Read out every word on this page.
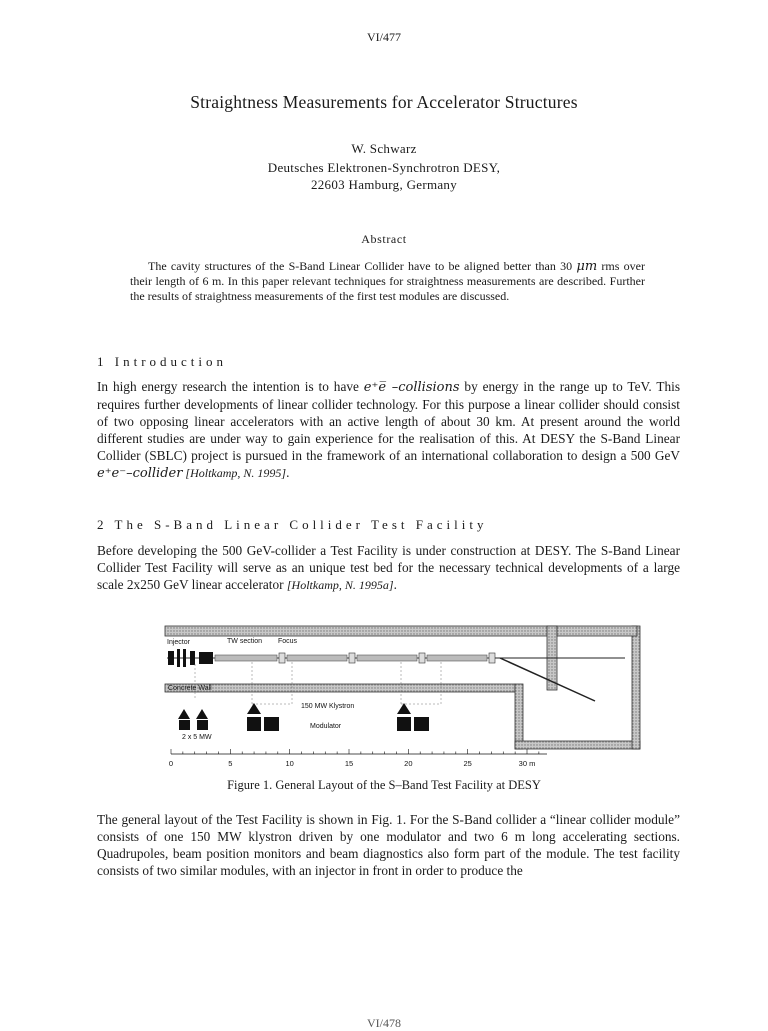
VI/477
Straightness Measurements for Accelerator Structures
W. Schwarz
Deutsches Elektronen-Synchrotron DESY,
22603 Hamburg, Germany
Abstract
The cavity structures of the S-Band Linear Collider have to be aligned better than 30 μm rms over their length of 6 m. In this paper relevant techniques for straightness measurements are described. Further the results of straightness measurements of the first test modules are discussed.
1 Introduction
In high energy research the intention is to have e⁺e̅ –collisions by energy in the range up to TeV. This requires further developments of linear collider technology. For this purpose a linear collider should consist of two opposing linear accelerators with an active length of about 30 km. At present around the world different studies are under way to gain experience for the realisation of this. At DESY the S-Band Linear Collider (SBLC) project is pursued in the framework of an international collaboration to design a 500 GeV e⁺e⁻–collider [Holtkamp, N. 1995].
2 The S-Band Linear Collider Test Facility
Before developing the 500 GeV-collider a Test Facility is under construction at DESY. The S-Band Linear Collider Test Facility will serve as an unique test bed for the necessary technical developments of a large scale 2x250 GeV linear accelerator [Holtkamp, N. 1995a].
Injector	TW section Focus
Concrete Wall
150 MW Klystron
Modulator
2 x 5 MW
0	5	10	15	20	25	30 m
Figure 1. General Layout of the S–Band Test Facility at DESY
The general layout of the Test Facility is shown in Fig. 1. For the S-Band collider a “linear collider module” consists of one 150 MW klystron driven by one modulator and two 6 m long accelerating sections. Quadrupoles, beam position monitors and beam diagnostics also form part of the module. The test facility consists of two similar modules, with an injector in front in order to produce the
VI/478
